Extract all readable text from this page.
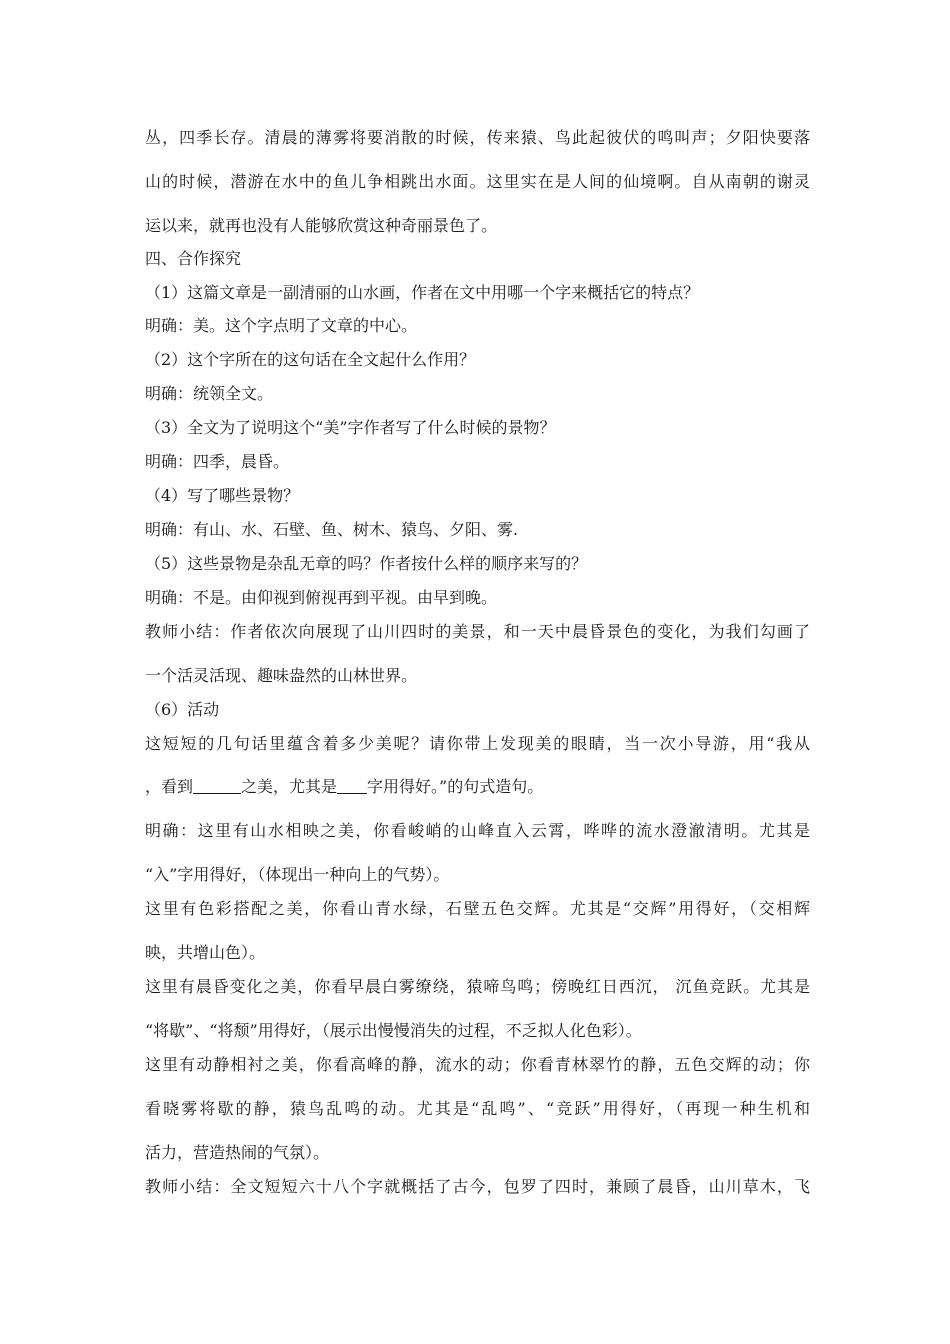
丛，四季长存。清晨的薄雾将要消散的时候，传来猿、鸟此起彼伏的鸣叫声；夕阳快要落
山的时候，潜游在水中的鱼儿争相跳出水面。这里实在是人间的仙境啊。自从南朝的谢灵
运以来，就再也没有人能够欣赏这种奇丽景色了。
四、合作探究
（1）这篇文章是一副清丽的山水画，作者在文中用哪一个字来概括它的特点？
明确：美。这个字点明了文章的中心。
（2）这个字所在的这句话在全文起什么作用？
明确：统领全文。
（3）全文为了说明这个“美”字作者写了什么时候的景物？
明确：四季，晨昏。
（4）写了哪些景物？
明确：有山、水、石壁、鱼、树木、猿鸟、夕阳、雾.
（5）这些景物是杂乱无章的吗？作者按什么样的顺序来写的？
明确：不是。由仰视到俯视再到平视。由早到晚。
教师小结：作者依次向展现了山川四时的美景，和一天中晨昏景色的变化，为我们勾画了
一个活灵活现、趣味盎然的山林世界。
（6）活动
这短短的几句话里蕴含着多少美呢？请你带上发现美的眼睛，当一次小导游，用“我从
，看到	之美，尤其是 字用得好。”的句式造句。
明确：这里有山水相映之美，你看峻峭的山峰直入云霄，哗哗的流水澄澈清明。尤其是
“入”字用得好，（体现出一种向上的气势）。
这里有色彩搭配之美，你看山青水绿，石壁五色交辉。尤其是“交辉”用得好，（交相辉
映，共增山色）。
这里有晨昏变化之美，你看早晨白雾缭绕，猿啼鸟鸣；傍晚红日西沉， 沉鱼竞跃。尤其是
“将歇”、“将颓”用得好，（展示出慢慢消失的过程，不乏拟人化色彩）。
这里有动静相衬之美，你看高峰的静，流水的动；你看青林翠竹的静，五色交辉的动；你
看晓雾将歇的静，猿鸟乱鸣的动。尤其是“乱鸣”、“竞跃”用得好，（再现一种生机和
活力，营造热闹的气氛）。
教师小结：全文短短六十八个字就概括了古今，包罗了四时，兼顾了晨昏，山川草木，飞
